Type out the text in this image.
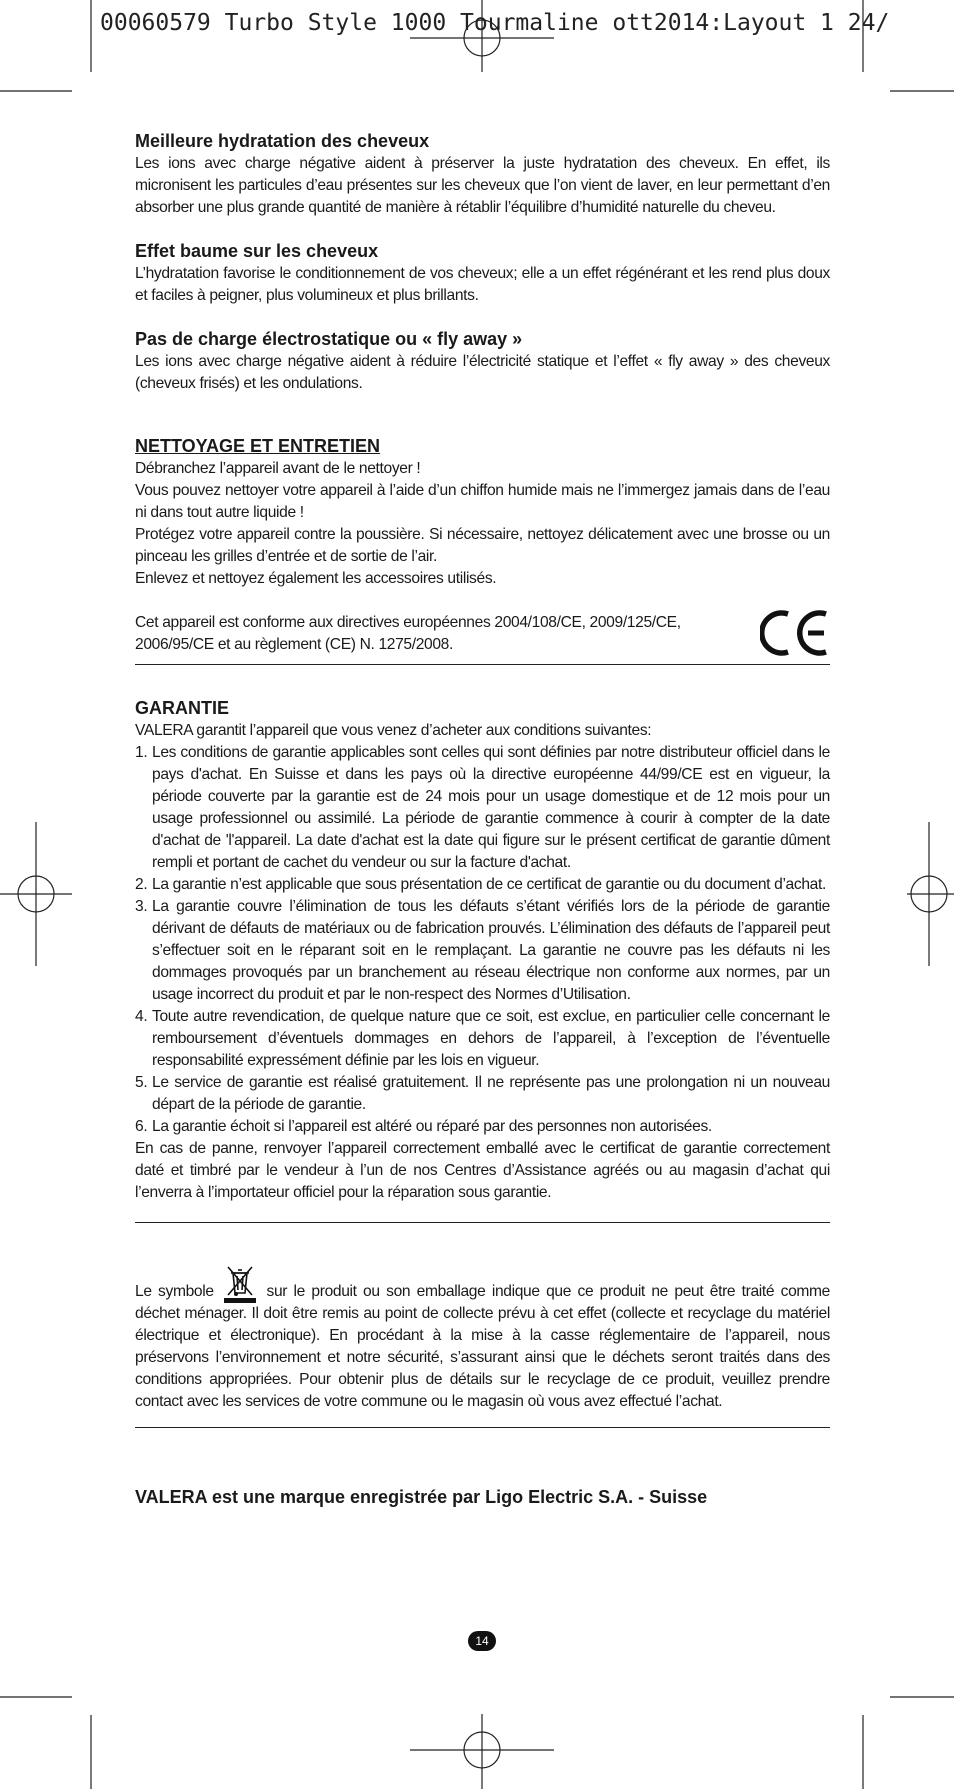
00060579 Turbo Style 1000 Tourmaline ott2014:Layout 1 24/
Meilleure hydratation des cheveux

Les ions avec charge négative aident à préserver la juste hydratation des cheveux. En effet, ils micronisent les particules d’eau présentes sur les cheveux que l’on vient de laver, en leur permettant d’en absorber une plus grande quantité de manière à rétablir l’équilibre d’humidité naturelle du cheveu.

Effet baume sur les cheveux

L’hydratation favorise le conditionnement de vos cheveux; elle a un effet régénérant et les rend plus doux et faciles à peigner, plus volumineux et plus brillants.

Pas de charge électrostatique ou « fly away »

Les ions avec charge négative aident à réduire l’électricité statique et l’effet « fly away » des cheveux (cheveux frisés) et les ondulations.

NETTOYAGE ET ENTRETIEN

Débranchez l’appareil avant de le nettoyer !

Vous pouvez nettoyer votre appareil à l’aide d’un chiffon humide mais ne l’immergez jamais dans de l’eau ni dans tout autre liquide !

Protégez votre appareil contre la poussière. Si nécessaire, nettoyez délicatement avec une brosse ou un pinceau les grilles d’entrée et de sortie de l’air.

Enlevez et nettoyez également les accessoires utilisés.

Cet appareil est conforme aux directives européennes 2004/108/CE, 2009/125/CE, 2006/95/CE et au règlement (CE) N. 1275/2008.

GARANTIE

VALERA garantit l’appareil que vous venez d’acheter aux conditions suivantes:

1. Les conditions de garantie applicables sont celles qui sont définies par notre distributeur officiel dans le pays d'achat. En Suisse et dans les pays où la directive européenne 44/99/CE est en vigueur, la période couverte par la garantie est de 24 mois pour un usage domestique et de 12 mois pour un usage professionnel ou assimilé. La période de garantie commence à courir à compter de la date d'achat de 'l'appareil. La date d'achat est la date qui figure sur le présent certificat de garantie dûment rempli et portant de cachet du vendeur ou sur la facture d'achat.
2. La garantie n’est applicable que sous présentation de ce certificat de garantie ou du document d’achat.
3. La garantie couvre l’élimination de tous les défauts s’étant vérifiés lors de la période de garantie dérivant de défauts de matériaux ou de fabrication prouvés. L’élimination des défauts de l’appareil peut s’effectuer soit en le réparant soit en le remplaçant. La garantie ne couvre pas les défauts ni les dommages provoqués par un branchement au réseau électrique non conforme aux normes, par un usage incorrect du produit et par le non-respect des Normes d’Utilisation.
4. Toute autre revendication, de quelque nature que ce soit, est exclue, en particulier celle concernant le remboursement d’éventuels dommages en dehors de l’appareil, à l’exception de l’éventuelle responsabilité expressément définie par les lois en vigueur.
5. Le service de garantie est réalisé gratuitement. Il ne représente pas une prolongation ni un nouveau départ de la période de garantie.
6. La garantie échoit si l’appareil est altéré ou réparé par des personnes non autorisées.

En cas de panne, renvoyer l’appareil correctement emballé avec le certificat de garantie correctement daté et timbré par le vendeur à l’un de nos Centres d’Assistance agréés ou au magasin d’achat qui l’enverra à l’importateur officiel pour la réparation sous garantie.

Le symbole	sur le produit ou son emballage indique que ce produit ne peut être traité comme déchet ménager. Il doit être remis au point de collecte prévu à cet effet (collecte et recyclage du matériel électrique et électronique). En procédant à la mise à la casse réglementaire de l’appareil, nous préservons l’environnement et notre sécurité, s’assurant ainsi que le déchets seront traités dans des conditions appropriées. Pour obtenir plus de détails sur le recyclage de ce produit, veuillez prendre contact avec les services de votre commune ou le magasin où vous avez effectué l’achat.

VALERA est une marque enregistrée par Ligo Electric S.A. - Suisse
14
